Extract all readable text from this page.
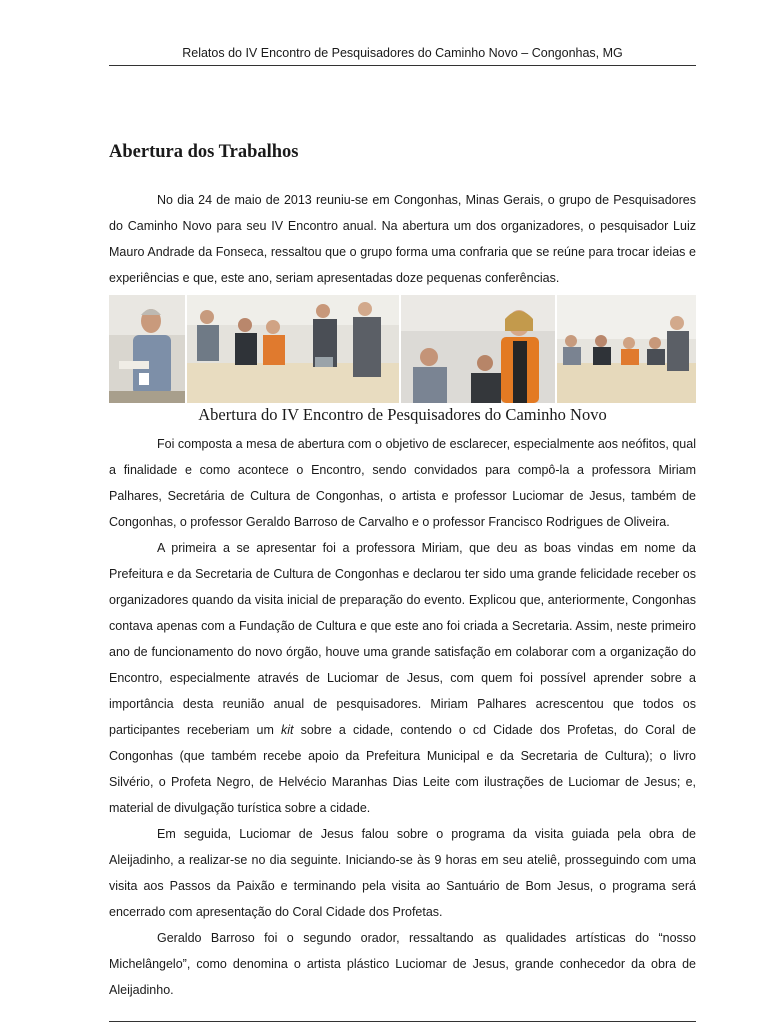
Relatos do IV Encontro de Pesquisadores do Caminho Novo – Congonhas, MG
Abertura dos Trabalhos

No dia 24 de maio de 2013 reuniu-se em Congonhas, Minas Gerais, o grupo de Pesquisadores do Caminho Novo para seu IV Encontro anual. Na abertura um dos organizadores, o pesquisador Luiz Mauro Andrade da Fonseca, ressaltou que o grupo forma uma confraria que se reúne para trocar ideias e experiências e que, este ano, seriam apresentadas doze pequenas conferências.

Abertura do IV Encontro de Pesquisadores do Caminho Novo

Foi composta a mesa de abertura com o objetivo de esclarecer, especialmente aos neófitos, qual a finalidade e como acontece o Encontro, sendo convidados para compô-la a professora Miriam Palhares, Secretária de Cultura de Congonhas, o artista e professor Luciomar de Jesus, também de Congonhas, o professor Geraldo Barroso de Carvalho e o professor Francisco Rodrigues de Oliveira.

A primeira a se apresentar foi a professora Miriam, que deu as boas vindas em nome da Prefeitura e da Secretaria de Cultura de Congonhas e declarou ter sido uma grande felicidade receber os organizadores quando da visita inicial de preparação do evento. Explicou que, anteriormente, Congonhas contava apenas com a Fundação de Cultura e que este ano foi criada a Secretaria. Assim, neste primeiro ano de funcionamento do novo órgão, houve uma grande satisfação em colaborar com a organização do Encontro, especialmente através de Luciomar de Jesus, com quem foi possível aprender sobre a importância desta reunião anual de pesquisadores. Miriam Palhares acrescentou que todos os participantes receberiam um kit sobre a cidade, contendo o cd Cidade dos Profetas, do Coral de Congonhas (que também recebe apoio da Prefeitura Municipal e da Secretaria de Cultura); o livro Silvério, o Profeta Negro, de Helvécio Maranhas Dias Leite com ilustrações de Luciomar de Jesus; e, material de divulgação turística sobre a cidade.

Em seguida, Luciomar de Jesus falou sobre o programa da visita guiada pela obra de Aleijadinho, a realizar-se no dia seguinte. Iniciando-se às 9 horas em seu ateliê, prosseguindo com uma visita aos Passos da Paixão e terminando pela visita ao Santuário de Bom Jesus, o programa será encerrado com apresentação do Coral Cidade dos Profetas.

Geraldo Barroso foi o segundo orador, ressaltando as qualidades artísticas do “nosso Michelângelo”, como denomina o artista plástico Luciomar de Jesus, grande conhecedor da obra de Aleijadinho.
